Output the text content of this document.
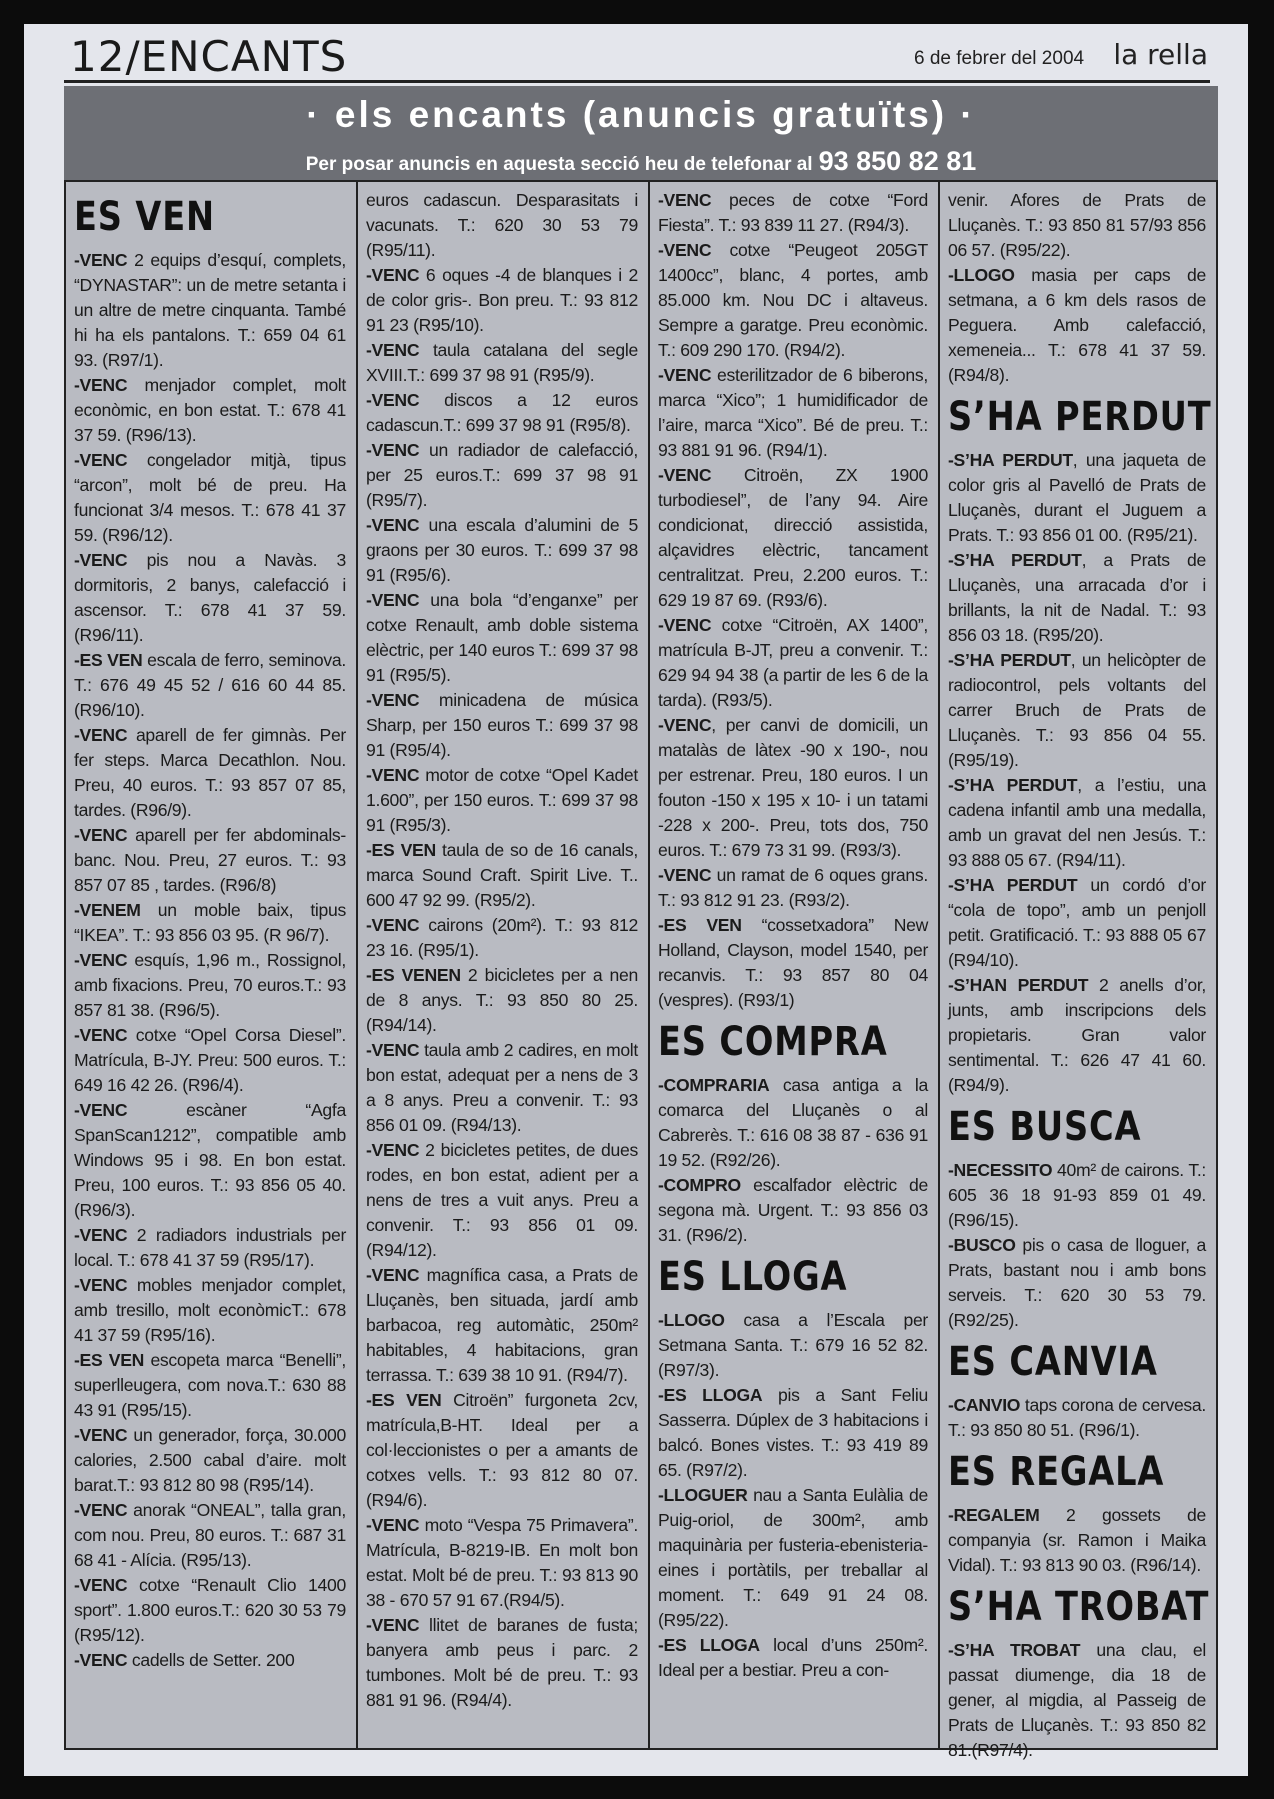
12/ENCANTS	6 de febrer del 2004 la rella
· els encants (anuncis gratuïts) ·
Per posar anuncis en aquesta secció heu de telefonar al 93 850 82 81
ES VEN

-VENC 2 equips d’esquí, complets, “DYNASTAR”: un de metre setanta i un altre de metre cinquanta. També hi ha els pantalons. T.: 659 04 61 93. (R97/1).

-VENC menjador complet, molt econòmic, en bon estat. T.: 678 41 37 59. (R96/13).

-VENC congelador mitjà, tipus “arcon”, molt bé de preu. Ha funcionat 3/4 mesos. T.: 678 41 37 59. (R96/12).

-VENC pis nou a Navàs. 3 dormitoris, 2 banys, calefacció i ascensor. T.: 678 41 37 59. (R96/11).

-ES VEN escala de ferro, seminova. T.: 676 49 45 52 / 616 60 44 85. (R96/10).

-VENC aparell de fer gimnàs. Per fer steps. Marca Decathlon. Nou. Preu, 40 euros. T.: 93 857 07 85, tardes. (R96/9).

-VENC aparell per fer abdominals-banc. Nou. Preu, 27 euros. T.: 93 857 07 85 , tardes. (R96/8)

-VENEM un moble baix, tipus “IKEA”. T.: 93 856 03 95. (R 96/7).

-VENC esquís, 1,96 m., Rossignol, amb fixacions. Preu, 70 euros.T.: 93 857 81 38. (R96/5).

-VENC cotxe “Opel Corsa Diesel”. Matrícula, B-JY. Preu: 500 euros. T.: 649 16 42 26. (R96/4).

-VENC escàner “Agfa SpanScan1212”, compatible amb Windows 95 i 98. En bon estat. Preu, 100 euros. T.: 93 856 05 40. (R96/3).

-VENC 2 radiadors industrials per local. T.: 678 41 37 59 (R95/17).

-VENC mobles menjador complet, amb tresillo, molt econòmicT.: 678 41 37 59 (R95/16).

-ES VEN escopeta marca “Benelli”, superlleugera, com nova.T.: 630 88 43 91 (R95/15).

-VENC un generador, força, 30.000 calories, 2.500 cabal d’aire. molt barat.T.: 93 812 80 98 (R95/14).

-VENC anorak “ONEAL”, talla gran, com nou. Preu, 80 euros. T.: 687 31 68 41 - Alícia. (R95/13).

-VENC cotxe “Renault Clio 1400 sport”. 1.800 euros.T.: 620 30 53 79 (R95/12).

-VENC cadells de Setter. 200

euros cadascun. Desparasitats i vacunats. T.: 620 30 53 79 (R95/11).

-VENC 6 oques -4 de blanques i 2 de color gris-. Bon preu. T.: 93 812 91 23 (R95/10).

-VENC taula catalana del segle XVIII.T.: 699 37 98 91 (R95/9).

-VENC discos a 12 euros cadascun.T.: 699 37 98 91 (R95/8).

-VENC un radiador de calefacció, per 25 euros.T.: 699 37 98 91 (R95/7).

-VENC una escala d’alumini de 5 graons per 30 euros. T.: 699 37 98 91 (R95/6).

-VENC una bola “d’enganxe” per cotxe Renault, amb doble sistema elèctric, per 140 euros T.: 699 37 98 91 (R95/5).

-VENC minicadena de música Sharp, per 150 euros T.: 699 37 98 91 (R95/4).

-VENC motor de cotxe “Opel Kadet 1.600”, per 150 euros. T.: 699 37 98 91 (R95/3).

-ES VEN taula de so de 16 canals, marca Sound Craft. Spirit Live. T.. 600 47 92 99. (R95/2).

-VENC cairons (20m²). T.: 93 812 23 16. (R95/1).

-ES VENEN 2 bicicletes per a nen de 8 anys. T.: 93 850 80 25. (R94/14).

-VENC taula amb 2 cadires, en molt bon estat, adequat per a nens de 3 a 8 anys. Preu a convenir. T.: 93 856 01 09. (R94/13).

-VENC 2 bicicletes petites, de dues rodes, en bon estat, adient per a nens de tres a vuit anys. Preu a convenir. T.: 93 856 01 09. (R94/12).

-VENC magnífica casa, a Prats de Lluçanès, ben situada, jardí amb barbacoa, reg automàtic, 250m² habitables, 4 habitacions, gran terrassa. T.: 639 38 10 91. (R94/7).

-ES VEN Citroën” furgoneta 2cv, matrícula,B-HT. Ideal per a col·leccionistes o per a amants de cotxes vells. T.: 93 812 80 07. (R94/6).

-VENC moto “Vespa 75 Primavera”. Matrícula, B-8219-IB. En molt bon estat. Molt bé de preu. T.: 93 813 90 38 - 670 57 91 67.(R94/5).

-VENC llitet de baranes de fusta; banyera amb peus i parc. 2 tumbones. Molt bé de preu. T.: 93 881 91 96. (R94/4).

-VENC peces de cotxe “Ford Fiesta”. T.: 93 839 11 27. (R94/3).

-VENC cotxe “Peugeot 205GT 1400cc”, blanc, 4 portes, amb 85.000 km. Nou DC i altaveus. Sempre a garatge. Preu econòmic. T.: 609 290 170. (R94/2).

-VENC esterilitzador de 6 biberons, marca “Xico”; 1 humidificador de l’aire, marca “Xico”. Bé de preu. T.: 93 881 91 96. (R94/1).

-VENC Citroën, ZX 1900 turbodiesel”, de l’any 94. Aire condicionat, direcció assistida, alçavidres elèctric, tancament centralitzat. Preu, 2.200 euros. T.: 629 19 87 69. (R93/6).

-VENC cotxe “Citroën, AX 1400”, matrícula B-JT, preu a convenir. T.: 629 94 94 38 (a partir de les 6 de la tarda). (R93/5).

-VENC, per canvi de domicili, un matalàs de làtex -90 x 190-, nou per estrenar. Preu, 180 euros. I un fouton -150 x 195 x 10- i un tatami -228 x 200-. Preu, tots dos, 750 euros. T.: 679 73 31 99. (R93/3).

-VENC un ramat de 6 oques grans. T.: 93 812 91 23. (R93/2).

-ES VEN “cossetxadora” New Holland, Clayson, model 1540, per recanvis. T.: 93 857 80 04 (vespres). (R93/1)

ES COMPRA

-COMPRARIA casa antiga a la comarca del Lluçanès o al Cabrerès. T.: 616 08 38 87 - 636 91 19 52. (R92/26).

-COMPRO escalfador elèctric de segona mà. Urgent. T.: 93 856 03 31. (R96/2).

ES LLOGA

-LLOGO casa a l’Escala per Setmana Santa. T.: 679 16 52 82. (R97/3).

-ES LLOGA pis a Sant Feliu Sasserra. Dúplex de 3 habitacions i balcó. Bones vistes. T.: 93 419 89 65. (R97/2).

-LLOGUER nau a Santa Eulàlia de Puig-oriol, de 300m², amb maquinària per fusteria-ebenisteria-eines i portàtils, per treballar al moment. T.: 649 91 24 08. (R95/22).

-ES LLOGA local d’uns 250m². Ideal per a bestiar. Preu a con-

venir. Afores de Prats de Lluçanès. T.: 93 850 81 57/93 856 06 57. (R95/22).

-LLOGO masia per caps de setmana, a 6 km dels rasos de Peguera. Amb calefacció, xemeneia... T.: 678 41 37 59. (R94/8).

S’HA PERDUT

-S’HA PERDUT, una jaqueta de color gris al Pavelló de Prats de Lluçanès, durant el Juguem a Prats. T.: 93 856 01 00. (R95/21).

-S’HA PERDUT, a Prats de Lluçanès, una arracada d’or i brillants, la nit de Nadal. T.: 93 856 03 18. (R95/20).

-S’HA PERDUT, un helicòpter de radiocontrol, pels voltants del carrer Bruch de Prats de Lluçanès. T.: 93 856 04 55. (R95/19).

-S’HA PERDUT, a l’estiu, una cadena infantil amb una medalla, amb un gravat del nen Jesús. T.: 93 888 05 67. (R94/11).

-S’HA PERDUT un cordó d’or “cola de topo”, amb un penjoll petit. Gratificació. T.: 93 888 05 67 (R94/10).

-S’HAN PERDUT 2 anells d’or, junts, amb inscripcions dels propietaris. Gran valor sentimental. T.: 626 47 41 60. (R94/9).

ES BUSCA

-NECESSITO 40m² de cairons. T.: 605 36 18 91-93 859 01 49. (R96/15).

-BUSCO pis o casa de lloguer, a Prats, bastant nou i amb bons serveis. T.: 620 30 53 79. (R92/25).

ES CANVIA

-CANVIO taps corona de cervesa. T.: 93 850 80 51. (R96/1).

ES REGALA

-REGALEM 2 gossets de companyia (sr. Ramon i Maika Vidal). T.: 93 813 90 03. (R96/14).

S’HA TROBAT

-S’HA TROBAT una clau, el passat diumenge, dia 18 de gener, al migdia, al Passeig de Prats de Lluçanès. T.: 93 850 82 81.(R97/4).
